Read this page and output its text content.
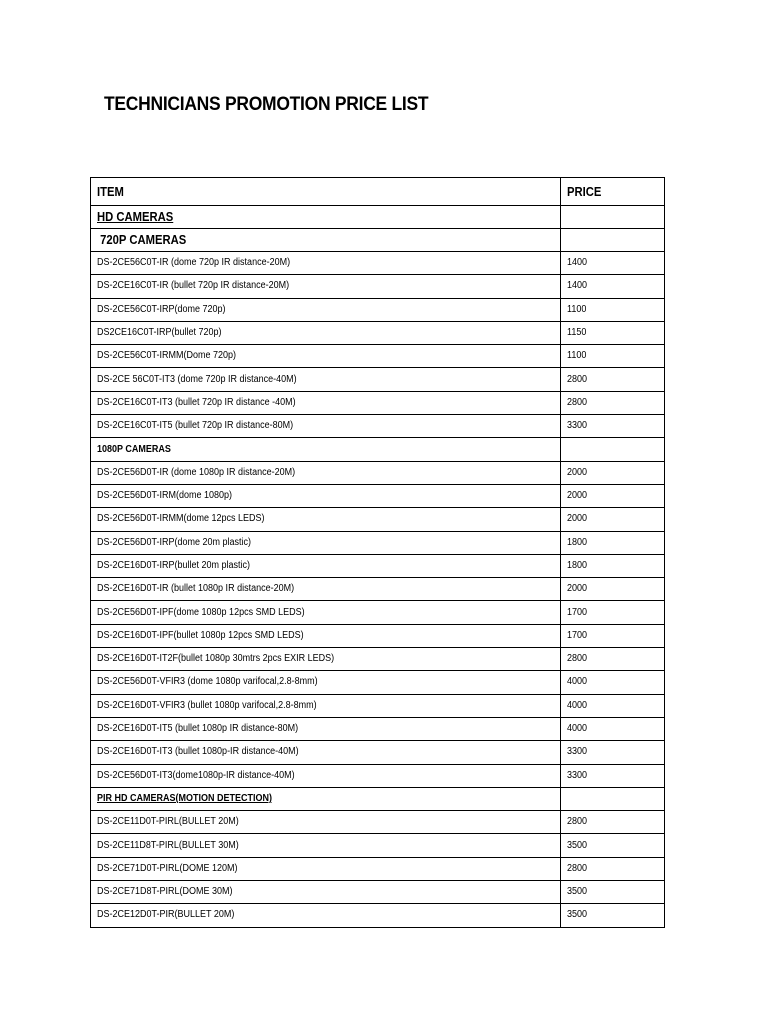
TECHNICIANS PROMOTION PRICE LIST
ITEM	PRICE
HD CAMERAS	
720P CAMERAS	
DS-2CE56C0T-IR (dome 720p IR distance-20M)	1400
DS-2CE16C0T-IR (bullet 720p IR distance-20M)	1400
DS-2CE56C0T-IRP(dome 720p)	1100
DS2CE16C0T-IRP(bullet 720p)	1150
DS-2CE56C0T-IRMM(Dome 720p)	1100
DS-2CE 56C0T-IT3 (dome 720p IR distance-40M)	2800
DS-2CE16C0T-IT3 (bullet 720p IR distance -40M)	2800
DS-2CE16C0T-IT5 (bullet 720p IR distance-80M)	3300
1080P CAMERAS	
DS-2CE56D0T-IR (dome 1080p IR distance-20M)	2000
DS-2CE56D0T-IRM(dome 1080p)	2000
DS-2CE56D0T-IRMM(dome 12pcs LEDS)	2000
DS-2CE56D0T-IRP(dome 20m plastic)	1800
DS-2CE16D0T-IRP(bullet 20m plastic)	1800
DS-2CE16D0T-IR (bullet 1080p IR distance-20M)	2000
DS-2CE56D0T-IPF(dome 1080p 12pcs SMD LEDS)	1700
DS-2CE16D0T-IPF(bullet 1080p 12pcs SMD LEDS)	1700
DS-2CE16D0T-IT2F(bullet 1080p 30mtrs 2pcs EXIR LEDS)	2800
DS-2CE56D0T-VFIR3 (dome 1080p varifocal,2.8-8mm)	4000
DS-2CE16D0T-VFIR3 (bullet 1080p varifocal,2.8-8mm)	4000
DS-2CE16D0T-IT5 (bullet 1080p IR distance-80M)	4000
DS-2CE16D0T-IT3 (bullet 1080p-IR distance-40M)	3300
DS-2CE56D0T-IT3(dome1080p-IR distance-40M)	3300
PIR HD CAMERAS(MOTION DETECTION)	
DS-2CE11D0T-PIRL(BULLET 20M)	2800
DS-2CE11D8T-PIRL(BULLET 30M)	3500
DS-2CE71D0T-PIRL(DOME 120M)	2800
DS-2CE71D8T-PIRL(DOME 30M)	3500
DS-2CE12D0T-PIR(BULLET 20M)	3500
